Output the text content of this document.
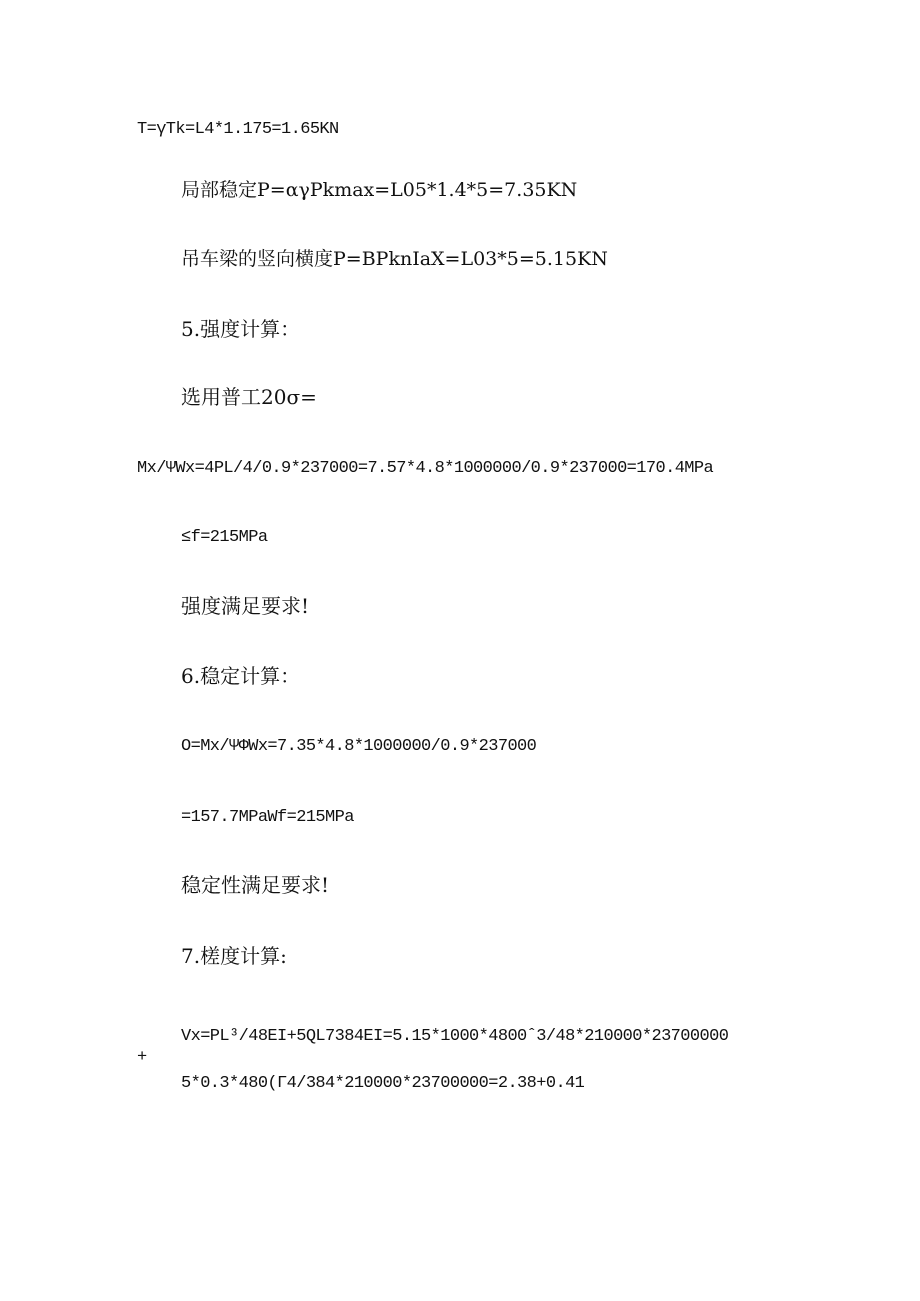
T=γTk=L4*1.175=1.65KN
局部稳定P=αγPkmax=L05*1.4*5=7.35KN
吊车梁的竖向横度P=BPknIaX=L03*5=5.15KN
5.强度计算：
选用普工20σ=
Mx/ΨWx=4PL/4/0.9*237000=7.57*4.8*1000000/0.9*237000=170.4MPa
≤f=215MPa
强度满足要求!
6.稳定计算：
O=Mx/ΨΦWx=7.35*4.8*1000000/0.9*237000
=157.7MPaWf=215MPa
稳定性满足要求!
7.槎度计算:
Vx=PL³/48EI+5QL7384EI=5.15*1000*4800ˆ3/48*210000*23700000
+
5*0.3*480(Γ4/384*210000*23700000=2.38+0.41
